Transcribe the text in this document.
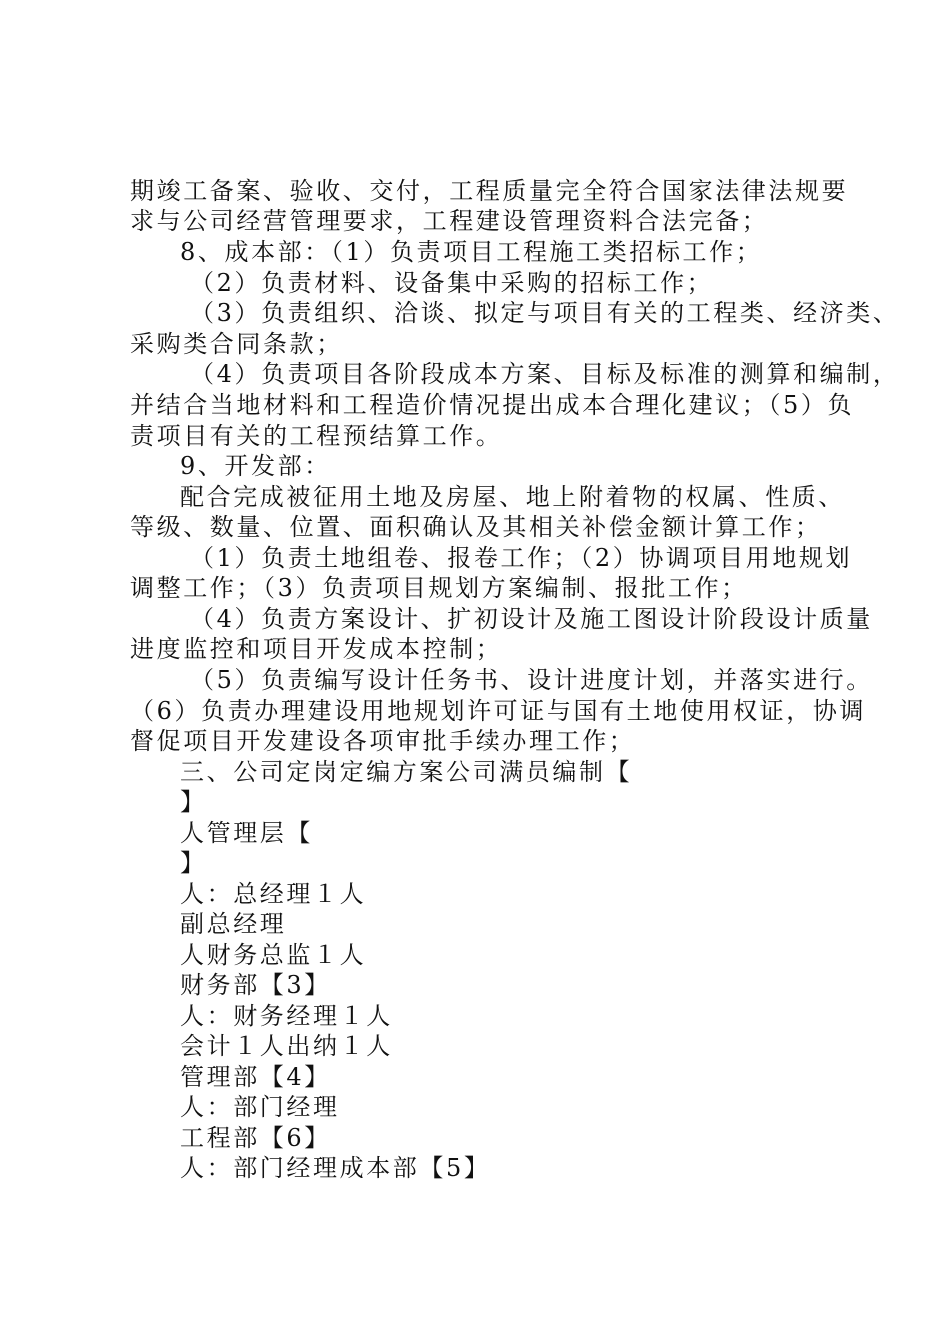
期竣工备案、验收、交付，工程质量完全符合国家法律法规要
求与公司经营管理要求，工程建设管理资料合法完备；
8、成本部：（1）负责项目工程施工类招标工作；
（2）负责材料、设备集中采购的招标工作；
（3）负责组织、洽谈、拟定与项目有关的工程类、经济类、
采购类合同条款；
（4）负责项目各阶段成本方案、目标及标准的测算和编制，
并结合当地材料和工程造价情况提出成本合理化建议；（5）负
责项目有关的工程预结算工作。
9、开发部：
配合完成被征用土地及房屋、地上附着物的权属、性质、
等级、数量、位置、面积确认及其相关补偿金额计算工作；
（1）负责土地组卷、报卷工作；（2）协调项目用地规划
调整工作；（3）负责项目规划方案编制、报批工作；
（4）负责方案设计、扩初设计及施工图设计阶段设计质量
进度监控和项目开发成本控制；
（5）负责编写设计任务书、设计进度计划，并落实进行。
（6）负责办理建设用地规划许可证与国有土地使用权证，协调
督促项目开发建设各项审批手续办理工作；
三、公司定岗定编方案公司满员编制【
】
人管理层【
】
人：总经理１人
副总经理
人财务总监１人
财务部【3】
人：财务经理１人
会计１人出纳１人
管理部【4】
人：部门经理
工程部【6】
人：部门经理成本部【5】
